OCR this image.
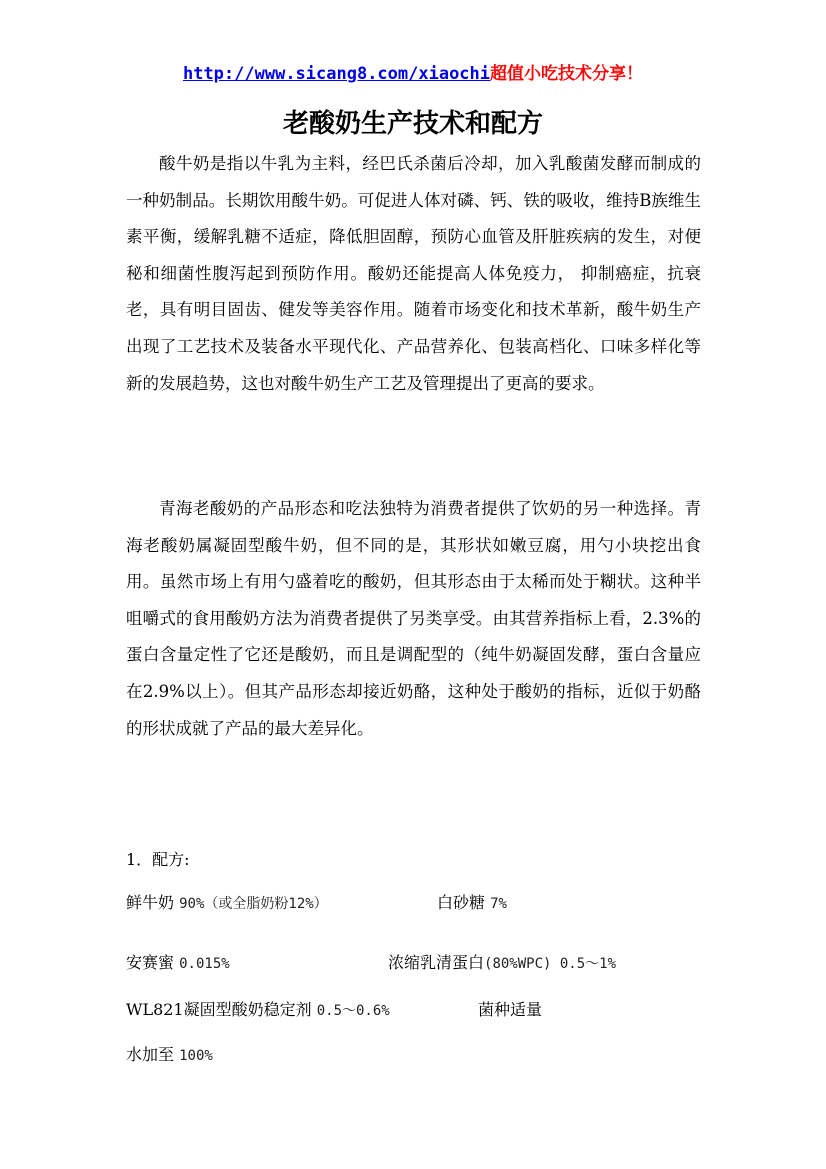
http://www.sicang8.com/xiaochi超值小吃技术分享！
老酸奶生产技术和配方

酸牛奶是指以牛乳为主料，经巴氏杀菌后冷却，加入乳酸菌发酵而制成的一种奶制品。长期饮用酸牛奶。可促进人体对磷、钙、铁的吸收，维持B族维生素平衡，缓解乳糖不适症，降低胆固醇，预防心血管及肝脏疾病的发生，对便秘和细菌性腹泻起到预防作用。酸奶还能提高人体免疫力， 抑制癌症，抗衰老，具有明目固齿、健发等美容作用。随着市场变化和技术革新，酸牛奶生产出现了工艺技术及装备水平现代化、产品营养化、包装高档化、口味多样化等新的发展趋势，这也对酸牛奶生产工艺及管理提出了更高的要求。

青海老酸奶的产品形态和吃法独特为消费者提供了饮奶的另一种选择。青海老酸奶属凝固型酸牛奶，但不同的是，其形状如嫩豆腐，用勺小块挖出食用。虽然市场上有用勺盛着吃的酸奶，但其形态由于太稀而处于糊状。这种半咀嚼式的食用酸奶方法为消费者提供了另类享受。由其营养指标上看，2.3%的蛋白含量定性了它还是酸奶，而且是调配型的（纯牛奶凝固发酵，蛋白含量应在2.9%以上）。但其产品形态却接近奶酪，这种处于酸奶的指标，近似于奶酪的形状成就了产品的最大差异化。

1．配方:
鲜牛奶 90%（或全脂奶粉12%）	白砂糖 7%
安赛蜜 0.015%	浓缩乳清蛋白(80%WPC) 0.5～1%
WL821凝固型酸奶稳定剂 0.5～0.6%	菌种适量
水加至 100%
